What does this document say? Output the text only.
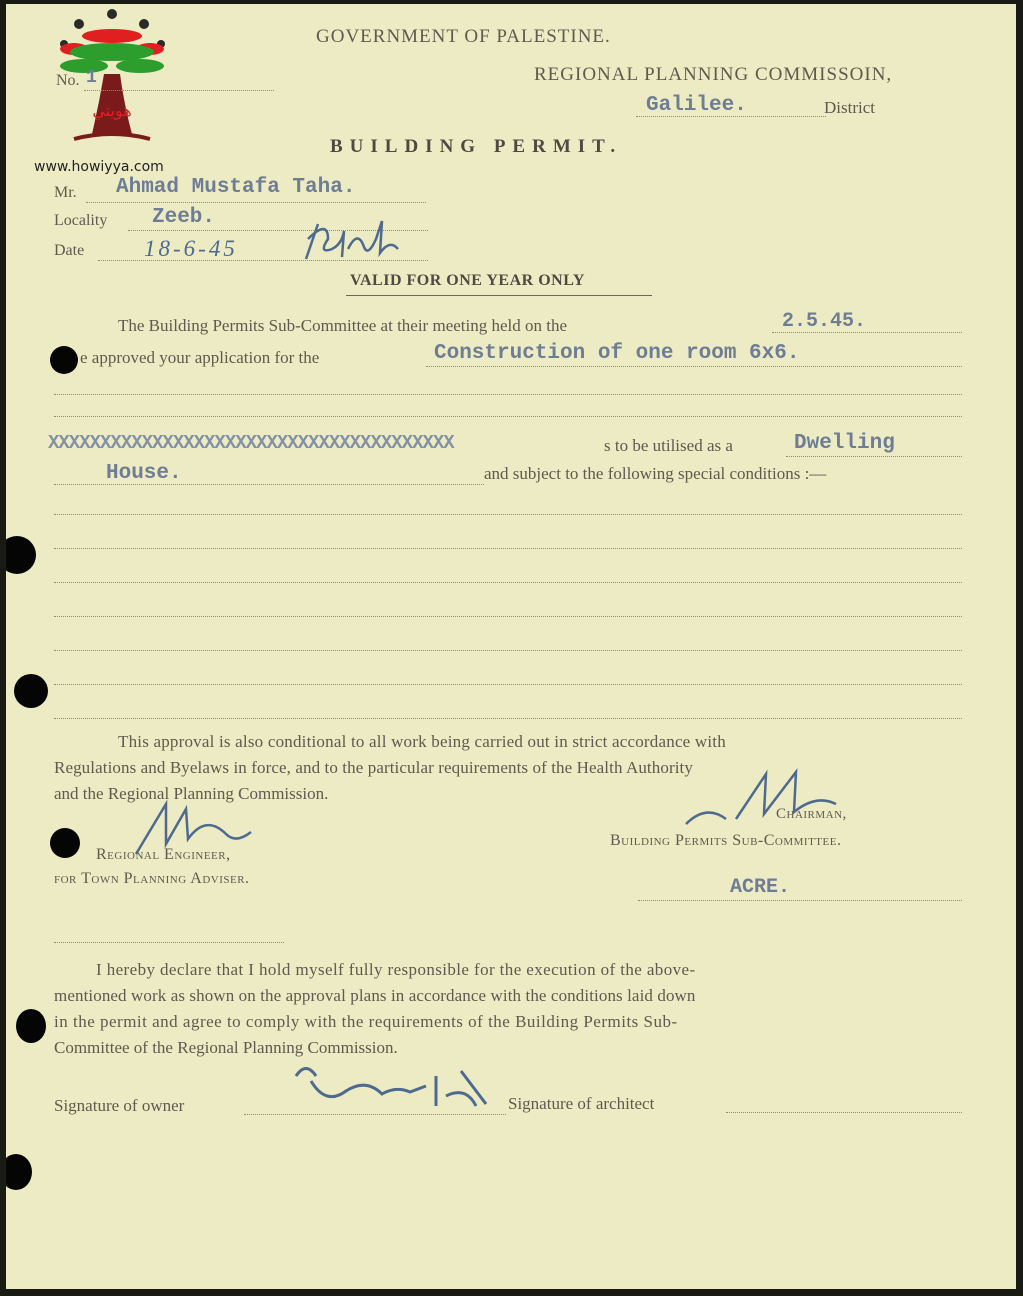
هويتي
www.howiyya.com
GOVERNMENT OF PALESTINE.
No. 1	REGIONAL PLANNING COMMISSOIN,
Galilee.	District
BUILDING PERMIT.
Mr. Ahmad Mustafa Taha.
Locality Zeeb.
Date	18-6-45
VALID FOR ONE YEAR ONLY
The Building Permits Sub-Committee at their meeting held on the	2.5.45.
e approved your application for the	Construction of one room 6x6.
XXXXXXXXXXXXXXXXXXXXXXXXXXXXXXXXXXXXXXX	s to be utilised as a	Dwelling
House.	and subject to the following special conditions :—
This approval is also conditional to all work being carried out in strict accordance with
Regulations and Byelaws in force, and to the particular requirements of the Health Authority
and the Regional Planning Commission.
Chairman,
Building Permits Sub-Committee.
Regional Engineer,
for Town Planning Adviser.	ACRE.
I hereby declare that I hold myself fully responsible for the execution of the above-
mentioned work as shown on the approval plans in accordance with the conditions laid down
in the permit and agree to comply with the requirements of the Building Permits Sub-
Committee of the Regional Planning Commission.
Signature of owner	Signature of architect
